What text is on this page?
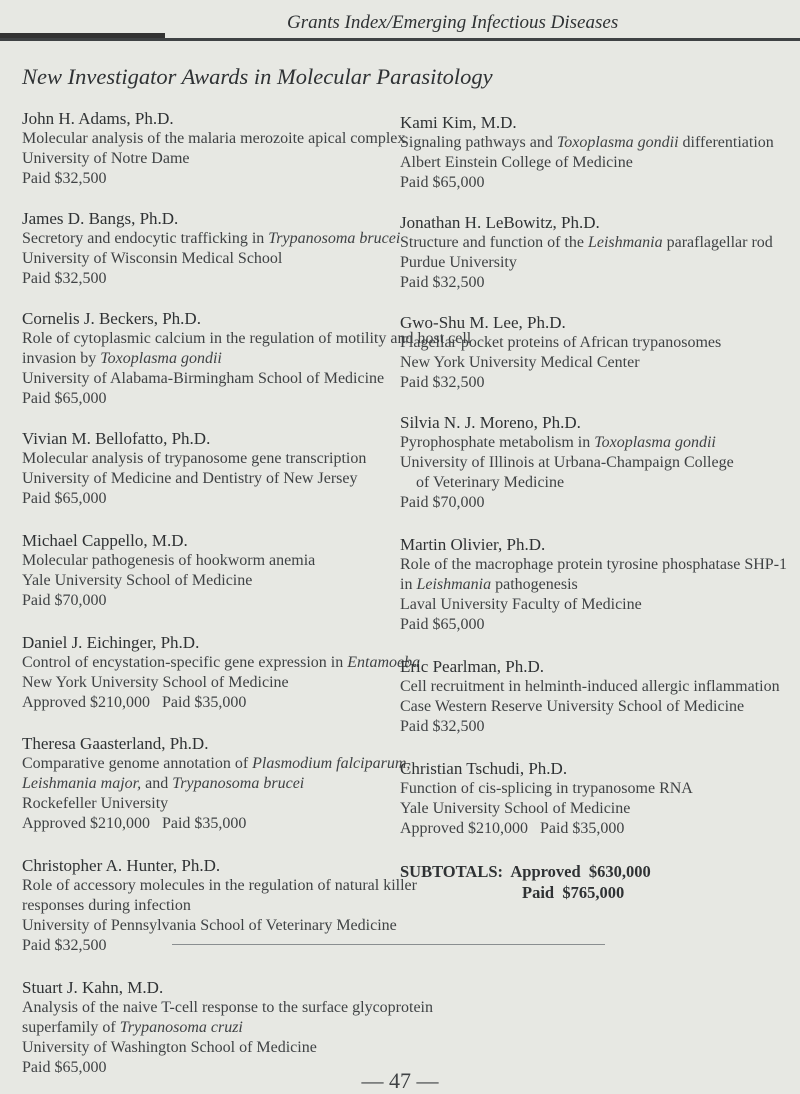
Grants Index/Emerging Infectious Diseases
New Investigator Awards in Molecular Parasitology
John H. Adams, Ph.D.
Molecular analysis of the malaria merozoite apical complex
University of Notre Dame
Paid $32,500
James D. Bangs, Ph.D.
Secretory and endocytic trafficking in Trypanosoma brucei
University of Wisconsin Medical School
Paid $32,500
Cornelis J. Beckers, Ph.D.
Role of cytoplasmic calcium in the regulation of motility and host cell
invasion by Toxoplasma gondii
University of Alabama-Birmingham School of Medicine
Paid $65,000
Vivian M. Bellofatto, Ph.D.
Molecular analysis of trypanosome gene transcription
University of Medicine and Dentistry of New Jersey
Paid $65,000
Michael Cappello, M.D.
Molecular pathogenesis of hookworm anemia
Yale University School of Medicine
Paid $70,000
Daniel J. Eichinger, Ph.D.
Control of encystation-specific gene expression in Entamoeba
New York University School of Medicine
Approved $210,000   Paid $35,000
Theresa Gaasterland, Ph.D.
Comparative genome annotation of Plasmodium falciparum,
Leishmania major, and Trypanosoma brucei
Rockefeller University
Approved $210,000   Paid $35,000
Christopher A. Hunter, Ph.D.
Role of accessory molecules in the regulation of natural killer
responses during infection
University of Pennsylvania School of Veterinary Medicine
Paid $32,500
Stuart J. Kahn, M.D.
Analysis of the naive T-cell response to the surface glycoprotein
superfamily of Trypanosoma cruzi
University of Washington School of Medicine
Paid $65,000
Kami Kim, M.D.
Signaling pathways and Toxoplasma gondii differentiation
Albert Einstein College of Medicine
Paid $65,000
Jonathan H. LeBowitz, Ph.D.
Structure and function of the Leishmania paraflagellar rod
Purdue University
Paid $32,500
Gwo-Shu M. Lee, Ph.D.
Flagellar pocket proteins of African trypanosomes
New York University Medical Center
Paid $32,500
Silvia N. J. Moreno, Ph.D.
Pyrophosphate metabolism in Toxoplasma gondii
University of Illinois at Urbana-Champaign College
of Veterinary Medicine
Paid $70,000
Martin Olivier, Ph.D.
Role of the macrophage protein tyrosine phosphatase SHP-1
in Leishmania pathogenesis
Laval University Faculty of Medicine
Paid $65,000
Eric Pearlman, Ph.D.
Cell recruitment in helminth-induced allergic inflammation
Case Western Reserve University School of Medicine
Paid $32,500
Christian Tschudi, Ph.D.
Function of cis-splicing in trypanosome RNA
Yale University School of Medicine
Approved $210,000   Paid $35,000
SUBTOTALS: Approved  $630,000
Paid  $765,000
— 47 —
